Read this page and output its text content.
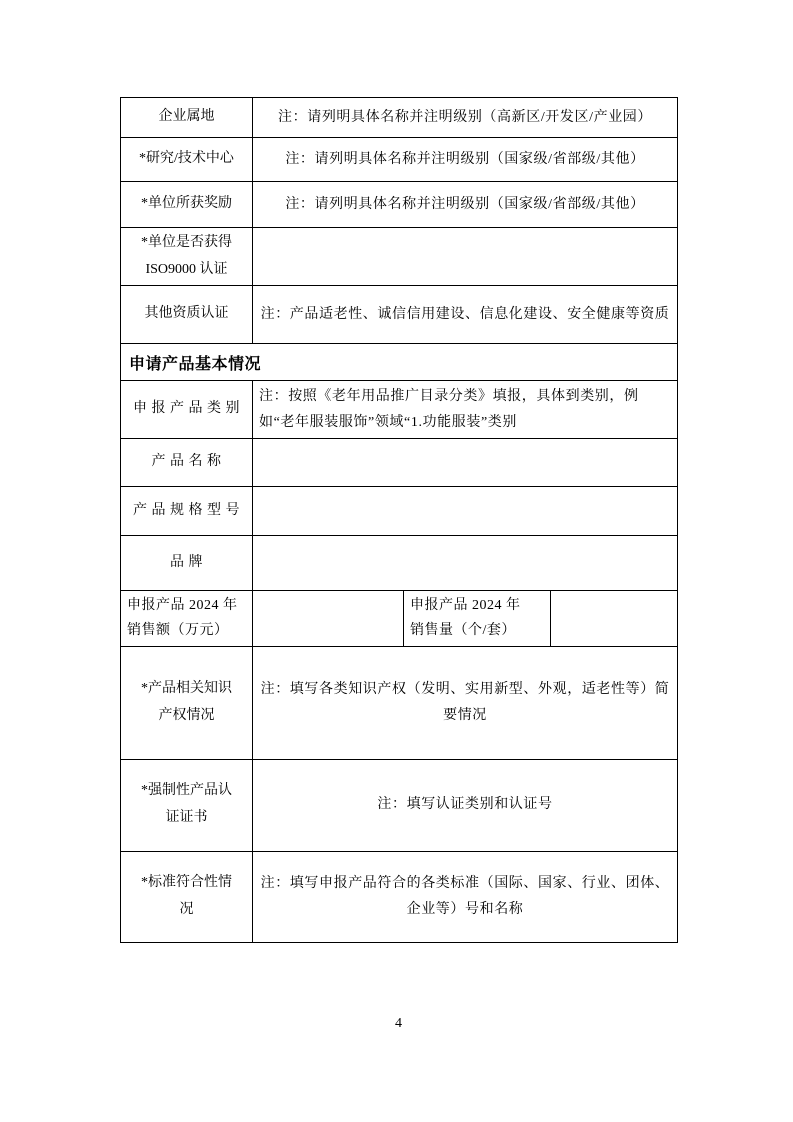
企业属地	注：请列明具体名称并注明级别（高新区/开发区/产业园）		

*研究/技术中心	注：请列明具体名称并注明级别（国家级/省部级/其他）		

*单位所获奖励	注：请列明具体名称并注明级别（国家级/省部级/其他）		

*单位是否获得
ISO9000 认证			

其他资质认证	注：产品适老性、诚信信用建设、信息化建设、安全健康等资质		
申请产品基本情况			

申报产品类别	注：按照《老年用品推广目录分类》填报，具体到类别，例如“老年服装服饰”领域“1.功能服装”类别		

产品名称			

产品规格型号			

品牌			

申报产品 2024 年
销售额（万元）		申报产品 2024 年
销售量（个/套）	

*产品相关知识
产权情况	注：填写各类知识产权（发明、实用新型、外观，适老性等）简要情况		

*强制性产品认
证证书	注：填写认证类别和认证号		

*标准符合性情
况	注：填写申报产品符合的各类标准（国际、国家、行业、团体、企业等）号和名称		
4
